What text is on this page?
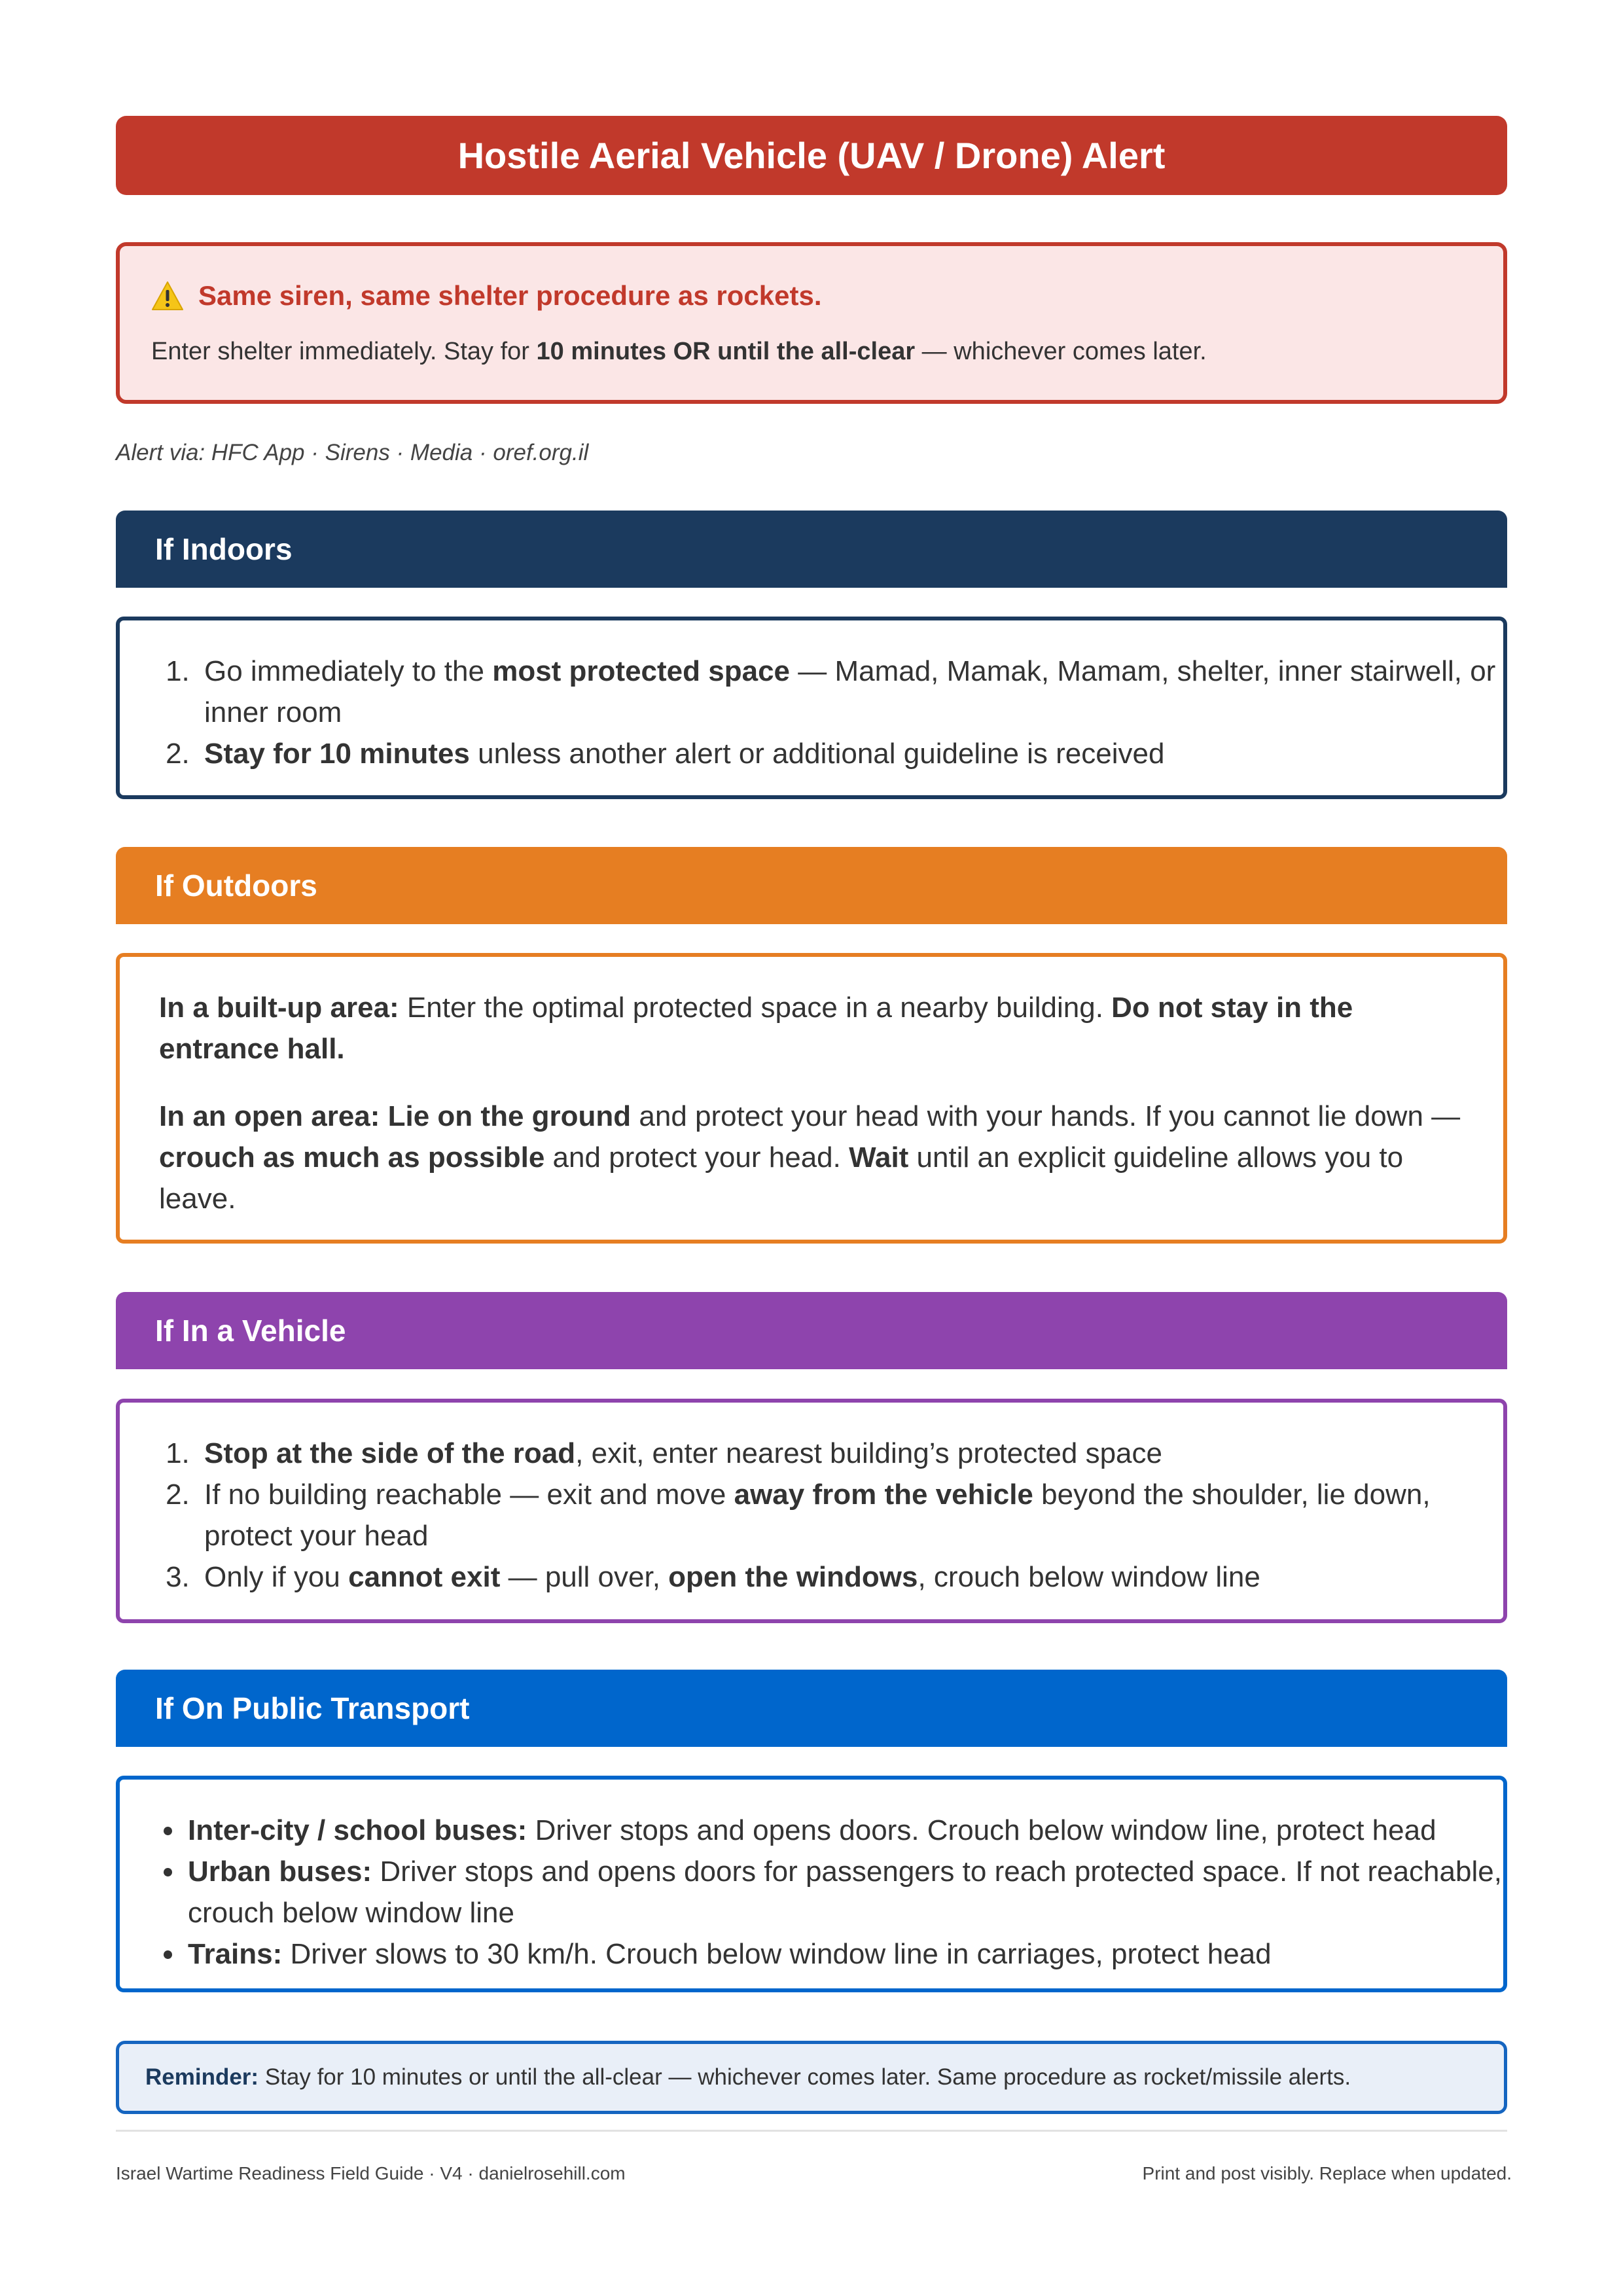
Hostile Aerial Vehicle (UAV / Drone) Alert
Same siren, same shelter procedure as rockets.
Enter shelter immediately. Stay for 10 minutes OR until the all-clear — whichever comes later.
Alert via: HFC App · Sirens · Media · oref.org.il
If Indoors
1. Go immediately to the most protected space — Mamad, Mamak, Mamam, shelter, inner stairwell, or inner room
2. Stay for 10 minutes unless another alert or additional guideline is received
If Outdoors

In a built-up area: Enter the optimal protected space in a nearby building. Do not stay in the entrance hall.

In an open area: Lie on the ground and protect your head with your hands. If you cannot lie down — crouch as much as possible and protect your head. Wait until an explicit guideline allows you to leave.

If In a Vehicle
1. Stop at the side of the road, exit, enter nearest building’s protected space
2. If no building reachable — exit and move away from the vehicle beyond the shoulder, lie down, protect your head
3. Only if you cannot exit — pull over, open the windows, crouch below window line
If On Public Transport
• Inter-city / school buses: Driver stops and opens doors. Crouch below window line, protect head
• Urban buses: Driver stops and opens doors for passengers to reach protected space. If not reachable, crouch below window line
• Trains: Driver slows to 30 km/h. Crouch below window line in carriages, protect head
Reminder: Stay for 10 minutes or until the all-clear — whichever comes later. Same procedure as rocket/missile alerts.
Israel Wartime Readiness Field Guide · V4 · danielrosehill.com	Print and post visibly. Replace when updated.
